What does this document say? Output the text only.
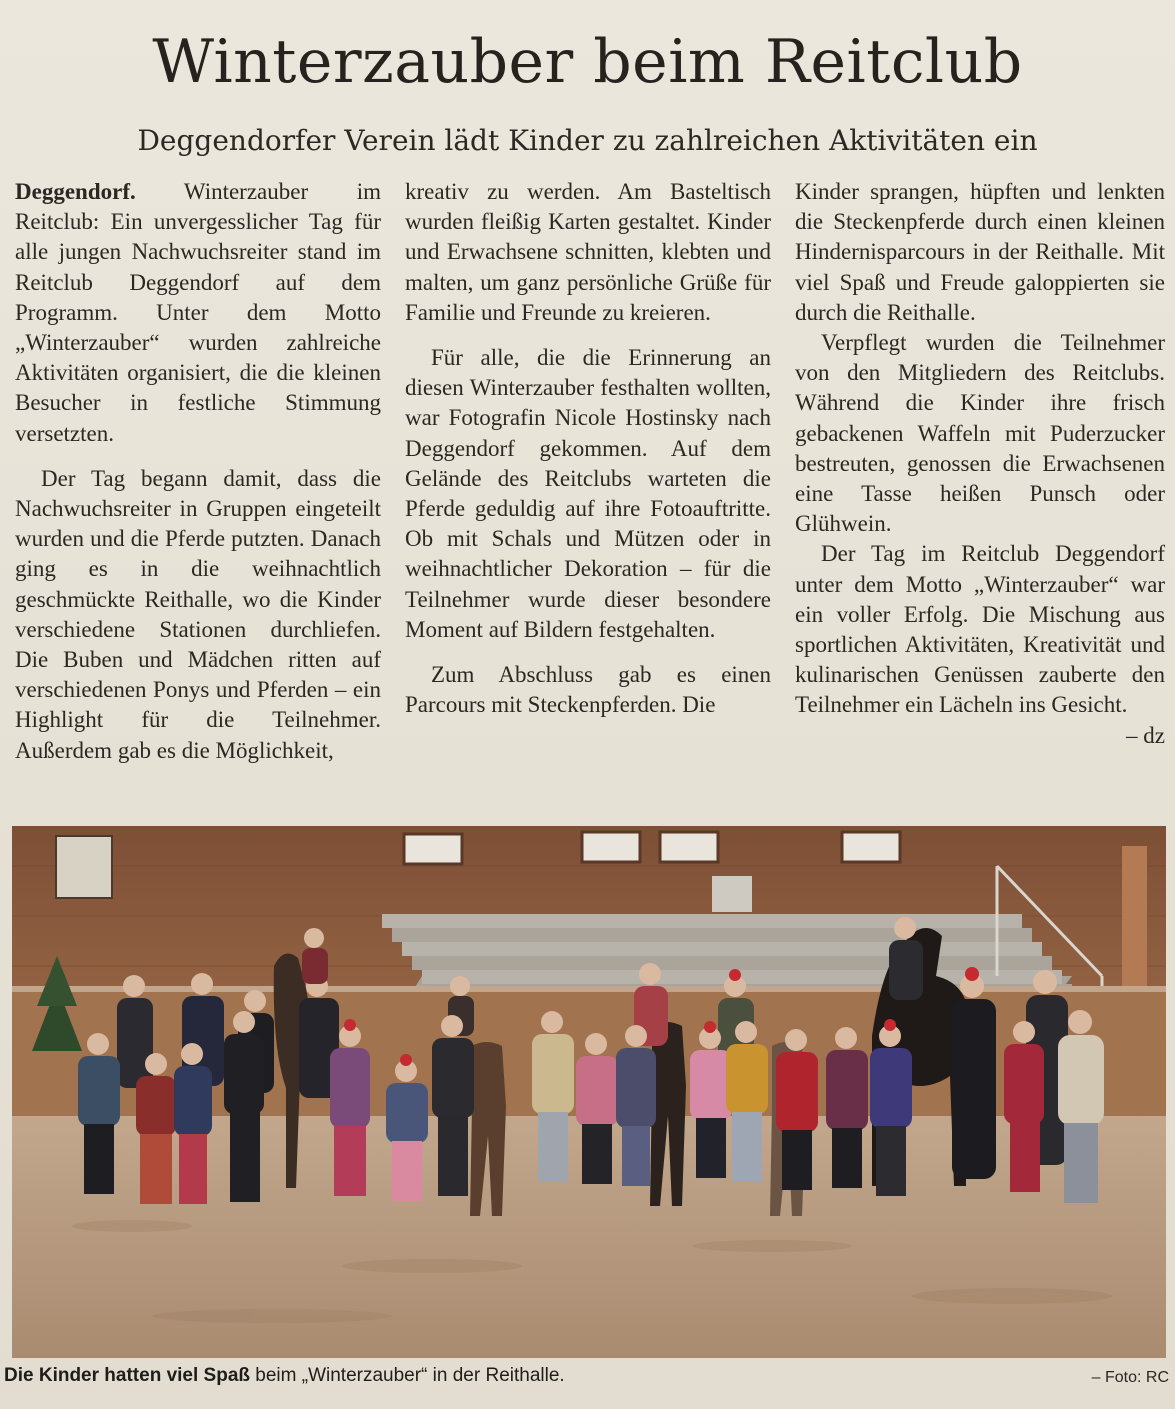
Winterzauber beim Reitclub
Deggendorfer Verein lädt Kinder zu zahlreichen Aktivitäten ein

Deggendorf. Winterzauber im Reitclub: Ein unvergesslicher Tag für alle jungen Nachwuchsreiter stand im Reitclub Deggendorf auf dem Programm. Unter dem Motto „Winterzauber“ wurden zahlreiche Aktivitäten organisiert, die die kleinen Besucher in festliche Stimmung versetzten.

Der Tag begann damit, dass die Nachwuchsreiter in Gruppen eingeteilt wurden und die Pferde putzten. Danach ging es in die weihnachtlich geschmückte Reithalle, wo die Kinder verschiedene Stationen durchliefen. Die Buben und Mädchen ritten auf verschiedenen Ponys und Pferden – ein Highlight für die Teilnehmer. Außerdem gab es die Möglichkeit,

kreativ zu werden. Am Basteltisch wurden fleißig Karten gestaltet. Kinder und Erwachsene schnitten, klebten und malten, um ganz persönliche Grüße für Familie und Freunde zu kreieren.

Für alle, die die Erinnerung an diesen Winterzauber festhalten wollten, war Fotografin Nicole Hostinsky nach Deggendorf gekommen. Auf dem Gelände des Reitclubs warteten die Pferde geduldig auf ihre Fotoauftritte. Ob mit Schals und Mützen oder in weihnachtlicher Dekoration – für die Teilnehmer wurde dieser besondere Moment auf Bildern festgehalten.

Zum Abschluss gab es einen Parcours mit Steckenpferden. Die

Kinder sprangen, hüpften und lenkten die Steckenpferde durch einen kleinen Hindernisparcours in der Reithalle. Mit viel Spaß und Freude galoppierten sie durch die Reithalle.

Verpflegt wurden die Teilnehmer von den Mitgliedern des Reitclubs. Während die Kinder ihre frisch gebackenen Waffeln mit Puderzucker bestreuten, genossen die Erwachsenen eine Tasse heißen Punsch oder Glühwein.

Der Tag im Reitclub Deggendorf unter dem Motto „Winterzauber“ war ein voller Erfolg. Die Mischung aus sportlichen Aktivitäten, Kreativität und kulinarischen Genüssen zauberte den Teilnehmer ein Lächeln ins Gesicht.
– dz

Die Kinder hatten viel Spaß beim „Winterzauber“ in der Reithalle.	– Foto: RC
